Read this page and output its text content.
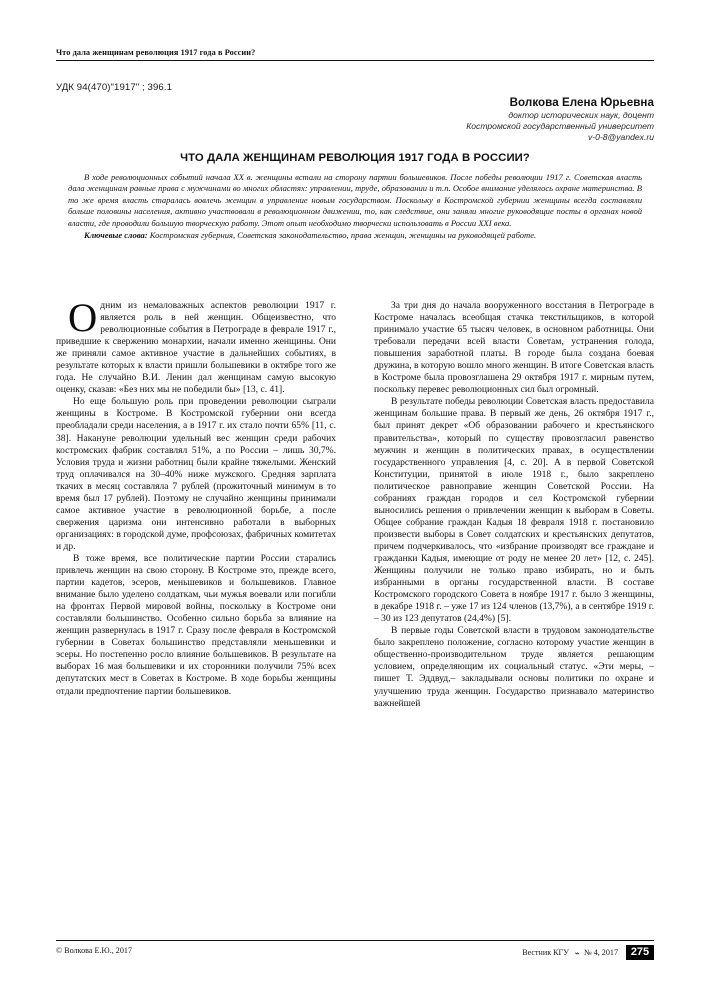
Что дала женщинам революция 1917 года в России?
УДК 94(470)"1917" ; 396.1
Волкова Елена Юрьевна
доктор исторических наук, доцент
Костромской государственный университет
v-0-8@yandex.ru
ЧТО ДАЛА ЖЕНЩИНАМ РЕВОЛЮЦИЯ 1917 ГОДА В РОССИИ?

В ходе революционных событий начала XX в. женщины встали на сторону партии большевиков. После победы революции 1917 г. Советская власть дала женщинам равные права с мужчинами во многих областях: управлении, труде, образовании и т.п. Особое внимание уделялось охране материнства. В то же время власть старалась вовлечь женщин в управление новым государством. Поскольку в Костромской губернии женщины всегда составляли больше половины населения, активно участвовали в революционном движении, то, как следствие, они заняли многие руководящие посты в органах новой власти, где проводили большую творческую работу. Этот опыт необходимо творчески использовать в России XXI века.

Ключевые слова: Костромская губерния, Советская законодательство, права женщин, женщины на руководящей работе.

Одним из немаловажных аспектов революции 1917 г. является роль в ней женщин. Общеизвестно, что революционные события в Петрограде в феврале 1917 г., приведшие к свержению монархии, начали именно женщины. Они же приняли самое активное участие в дальнейших событиях, в результате которых к власти пришли большевики в октябре того же года. Не случайно В.И. Ленин дал женщинам самую высокую оценку, сказав: «Без них мы не победили бы» [13, с. 41].

Но еще большую роль при проведении революции сыграли женщины в Костроме. В Костромской губернии они всегда преобладали среди населения, а в 1917 г. их стало почти 65% [11, с. 38]. Накануне революции удельный вес женщин среди рабочих костромских фабрик составлял 51%, а по России – лишь 30,7%. Условия труда и жизни работниц были крайне тяжелыми. Женский труд оплачивался на 30–40% ниже мужского. Средняя зарплата ткачих в месяц составляла 7 рублей (прожиточный минимум в то время был 17 рублей). Поэтому не случайно женщины принимали самое активное участие в революционной борьбе, а после свержения царизма они интенсивно работали в выборных организациях: в городской думе, профсоюзах, фабричных комитетах и др.

В тоже время, все политические партии России старались привлечь женщин на свою сторону. В Костроме это, прежде всего, партии кадетов, эсеров, меньшевиков и большевиков. Главное внимание было уделено солдаткам, чьи мужья воевали или погибли на фронтах Первой мировой войны, поскольку в Костроме они составляли большинство. Особенно сильно борьба за влияние на женщин развернулась в 1917 г. Сразу после февраля в Костромской губернии в Советах большинство представляли меньшевики и эсеры. Но постепенно росло влияние большевиков. В результате на выборах 16 мая большевики и их сторонники получили 75% всех депутатских мест в Советах в Костроме. В ходе борьбы женщины отдали предпочтение партии большевиков.

За три дня до начала вооруженного восстания в Петрограде в Костроме началась всеобщая стачка текстильщиков, в которой принимало участие 65 тысяч человек, в основном работницы. Они требовали передачи всей власти Советам, устранения голода, повышения заработной платы. В городе была создана боевая дружина, в которую вошло много женщин. В итоге Советская власть в Костроме была провозглашена 29 октября 1917 г. мирным путем, поскольку перевес революционных сил был огромный.

В результате победы революции Советская власть предоставила женщинам большие права. В первый же день, 26 октября 1917 г., был принят декрет «Об образовании рабочего и крестьянского правительства», который по существу провозгласил равенство мужчин и женщин в политических правах, в осуществлении государственного управления [4, с. 20]. А в первой Советской Конституции, принятой в июле 1918 г., было закреплено политическое равноправие женщин Советской России. На собраниях граждан городов и сел Костромской губернии выносились решения о привлечении женщин к выборам в Советы. Общее собрание граждан Кадыя 18 февраля 1918 г. постановило произвести выборы в Совет солдатских и крестьянских депутатов, причем подчеркивалось, что «избрание производят все граждане и гражданки Кадыя, имеющие от роду не менее 20 лет» [12, с. 245]. Женщины получили не только право избирать, но и быть избранными в органы государственной власти. В составе Костромского городского Совета в ноябре 1917 г. было 3 женщины, в декабре 1918 г. – уже 17 из 124 членов (13,7%), а в сентябре 1919 г. – 30 из 123 депутатов (24,4%) [5].

В первые годы Советской власти в трудовом законодательстве было закреплено положение, согласно которому участие женщин в общественно-производительном труде является решающим условием, определяющим их социальный статус. «Эти меры, – пишет Т. Эддвуд,– закладывали основы политики по охране и улучшению труда женщин. Государство признавало материнство важнейшей

© Волкова Е.Ю., 2017	Вестник КГУ ⌁ № 4, 2017	275
